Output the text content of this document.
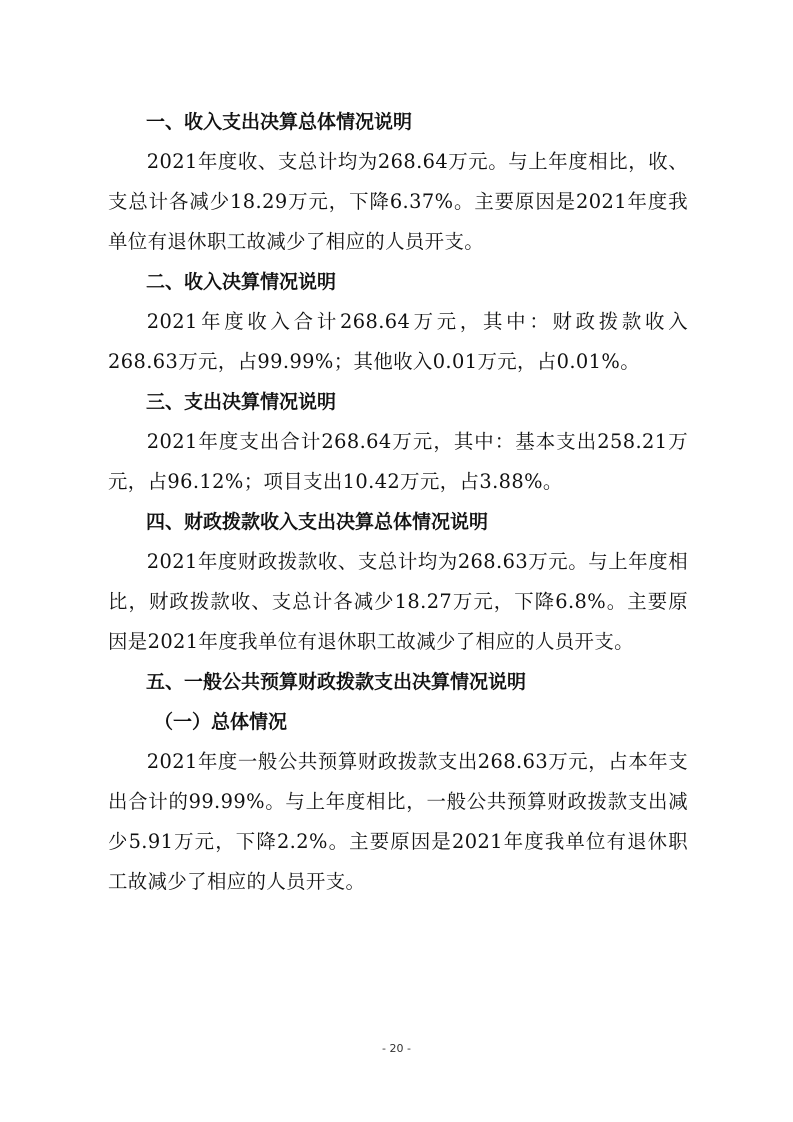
一、收入支出决算总体情况说明

2021年度收、支总计均为268.64万元。与上年度相比，收、支总计各减少18.29万元，下降6.37%。主要原因是2021年度我单位有退休职工故减少了相应的人员开支。

二、收入决算情况说明

2021年度收入合计268.64万元，其中：财政拨款收入268.63万元，占99.99%；其他收入0.01万元，占0.01%。

三、支出决算情况说明

2021年度支出合计268.64万元，其中：基本支出258.21万元，占96.12%；项目支出10.42万元，占3.88%。

四、财政拨款收入支出决算总体情况说明

2021年度财政拨款收、支总计均为268.63万元。与上年度相比，财政拨款收、支总计各减少18.27万元，下降6.8%。主要原因是2021年度我单位有退休职工故减少了相应的人员开支。

五、一般公共预算财政拨款支出决算情况说明
（一）总体情况

2021年度一般公共预算财政拨款支出268.63万元，占本年支出合计的99.99%。与上年度相比，一般公共预算财政拨款支出减少5.91万元，下降2.2%。主要原因是2021年度我单位有退休职工故减少了相应的人员开支。

- 20 -
